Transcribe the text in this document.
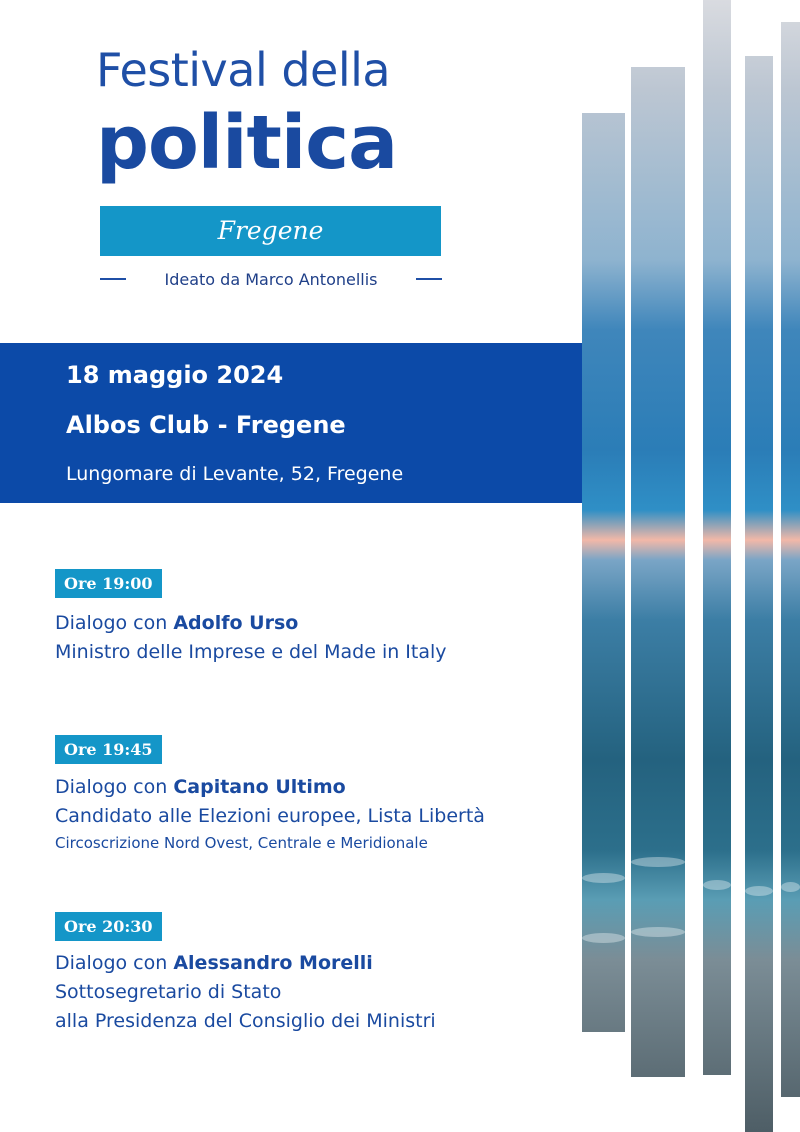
Festival della
politica
Fregene
Ideato da Marco Antonellis
18 maggio 2024
Albos Club - Fregene
Lungomare di Levante, 52, Fregene
Ore 19:00
Dialogo con Adolfo Urso
Ministro delle Imprese e del Made in Italy
Ore 19:45
Dialogo con Capitano Ultimo
Candidato alle Elezioni europee, Lista Libertà
Circoscrizione Nord Ovest, Centrale e Meridionale
Ore 20:30
Dialogo con Alessandro Morelli
Sottosegretario di Stato
alla Presidenza del Consiglio dei Ministri
